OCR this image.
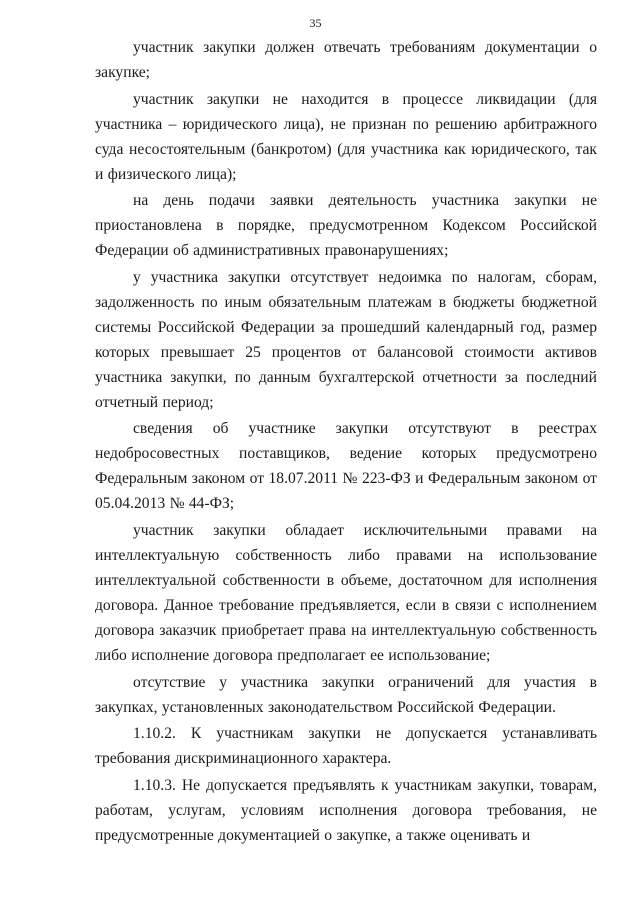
35

участник закупки должен отвечать требованиям документации о закупке;

участник закупки не находится в процессе ликвидации (для участника – юридического лица), не признан по решению арбитражного суда несостоятельным (банкротом) (для участника как юридического, так и физического лица);

на день подачи заявки деятельность участника закупки не приостановлена в порядке, предусмотренном Кодексом Российской Федерации об административных правонарушениях;

у участника закупки отсутствует недоимка по налогам, сборам, задолженность по иным обязательным платежам в бюджеты бюджетной системы Российской Федерации за прошедший календарный год, размер которых превышает 25 процентов от балансовой стоимости активов участника закупки, по данным бухгалтерской отчетности за последний отчетный период;

сведения об участнике закупки отсутствуют в реестрах недобросовестных поставщиков, ведение которых предусмотрено Федеральным законом от 18.07.2011 № 223-ФЗ и Федеральным законом от 05.04.2013 № 44-ФЗ;

участник закупки обладает исключительными правами на интеллектуальную собственность либо правами на использование интеллектуальной собственности в объеме, достаточном для исполнения договора. Данное требование предъявляется, если в связи с исполнением договора заказчик приобретает права на интеллектуальную собственность либо исполнение договора предполагает ее использование;

отсутствие у участника закупки ограничений для участия в закупках, установленных законодательством Российской Федерации.

1.10.2. К участникам закупки не допускается устанавливать требования дискриминационного характера.

1.10.3. Не допускается предъявлять к участникам закупки, товарам, работам, услугам, условиям исполнения договора требования, не предусмотренные документацией о закупке, а также оценивать и
